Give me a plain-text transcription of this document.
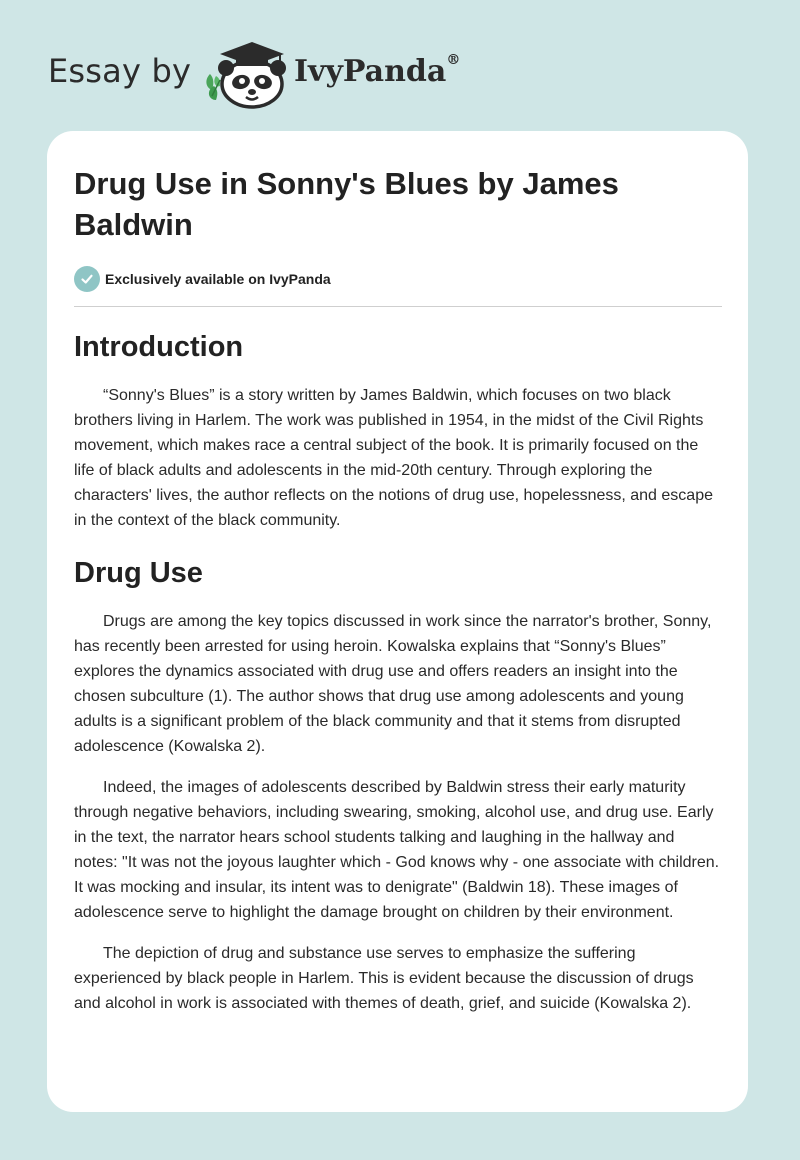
Essay by	IvyPanda®
Drug Use in Sonny's Blues by James Baldwin
Exclusively available on IvyPanda
Introduction

“Sonny's Blues” is a story written by James Baldwin, which focuses on two black brothers living in Harlem. The work was published in 1954, in the midst of the Civil Rights movement, which makes race a central subject of the book. It is primarily focused on the life of black adults and adolescents in the mid-20th century. Through exploring the characters' lives, the author reflects on the notions of drug use, hopelessness, and escape in the context of the black community.

Drug Use

Drugs are among the key topics discussed in work since the narrator's brother, Sonny, has recently been arrested for using heroin. Kowalska explains that “Sonny's Blues” explores the dynamics associated with drug use and offers readers an insight into the chosen subculture (1). The author shows that drug use among adolescents and young adults is a significant problem of the black community and that it stems from disrupted adolescence (Kowalska 2).

Indeed, the images of adolescents described by Baldwin stress their early maturity through negative behaviors, including swearing, smoking, alcohol use, and drug use. Early in the text, the narrator hears school students talking and laughing in the hallway and notes: "It was not the joyous laughter which - God knows why - one associate with children. It was mocking and insular, its intent was to denigrate" (Baldwin 18). These images of adolescence serve to highlight the damage brought on children by their environment.

The depiction of drug and substance use serves to emphasize the suffering experienced by black people in Harlem. This is evident because the discussion of drugs and alcohol in work is associated with themes of death, grief, and suicide (Kowalska 2).
